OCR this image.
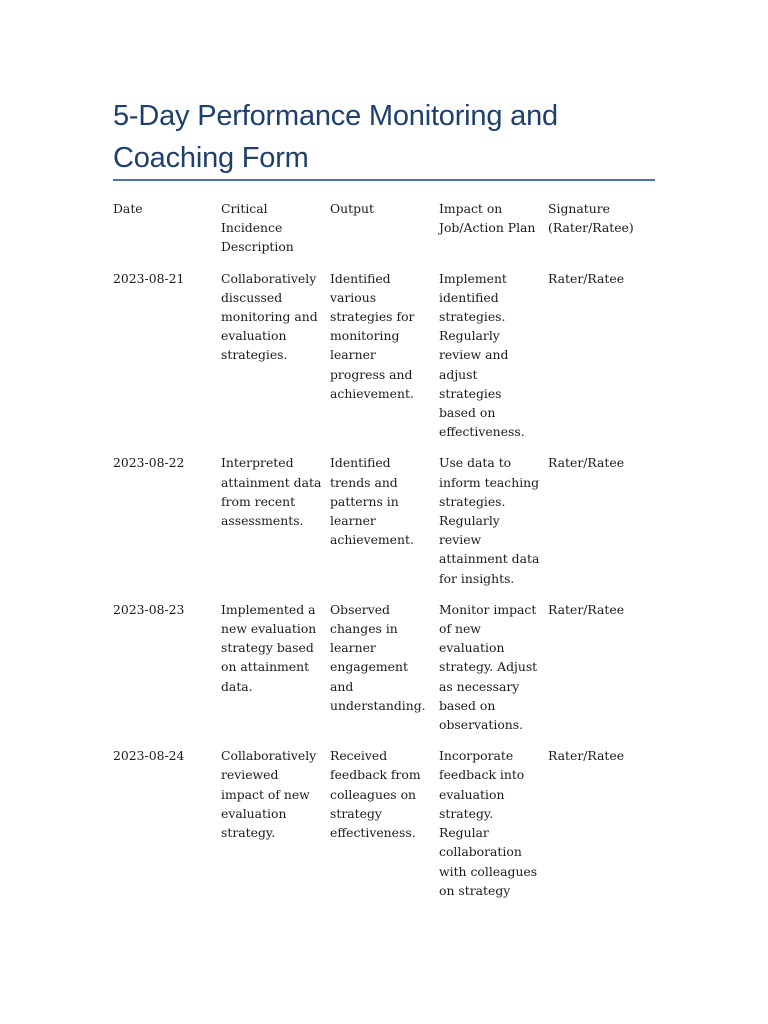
5-Day Performance Monitoring and Coaching Form
Date	Critical Incidence Description	Output	Impact on Job/Action Plan	Signature (Rater/Ratee)
2023-08-21	Collaboratively discussed monitoring and evaluation strategies.	Identified various strategies for monitoring learner progress and achievement.	Implement identified strategies. Regularly review and adjust strategies based on effectiveness.	Rater/Ratee
2023-08-22	Interpreted attainment data from recent assessments.	Identified trends and patterns in learner achievement.	Use data to inform teaching strategies. Regularly review attainment data for insights.	Rater/Ratee
2023-08-23	Implemented a new evaluation strategy based on attainment data.	Observed changes in learner engagement and understanding.	Monitor impact of new evaluation strategy. Adjust as necessary based on observations.	Rater/Ratee
2023-08-24	Collaboratively reviewed impact of new evaluation strategy.	Received feedback from colleagues on strategy effectiveness.	Incorporate feedback into evaluation strategy. Regular collaboration with colleagues on strategy	Rater/Ratee
